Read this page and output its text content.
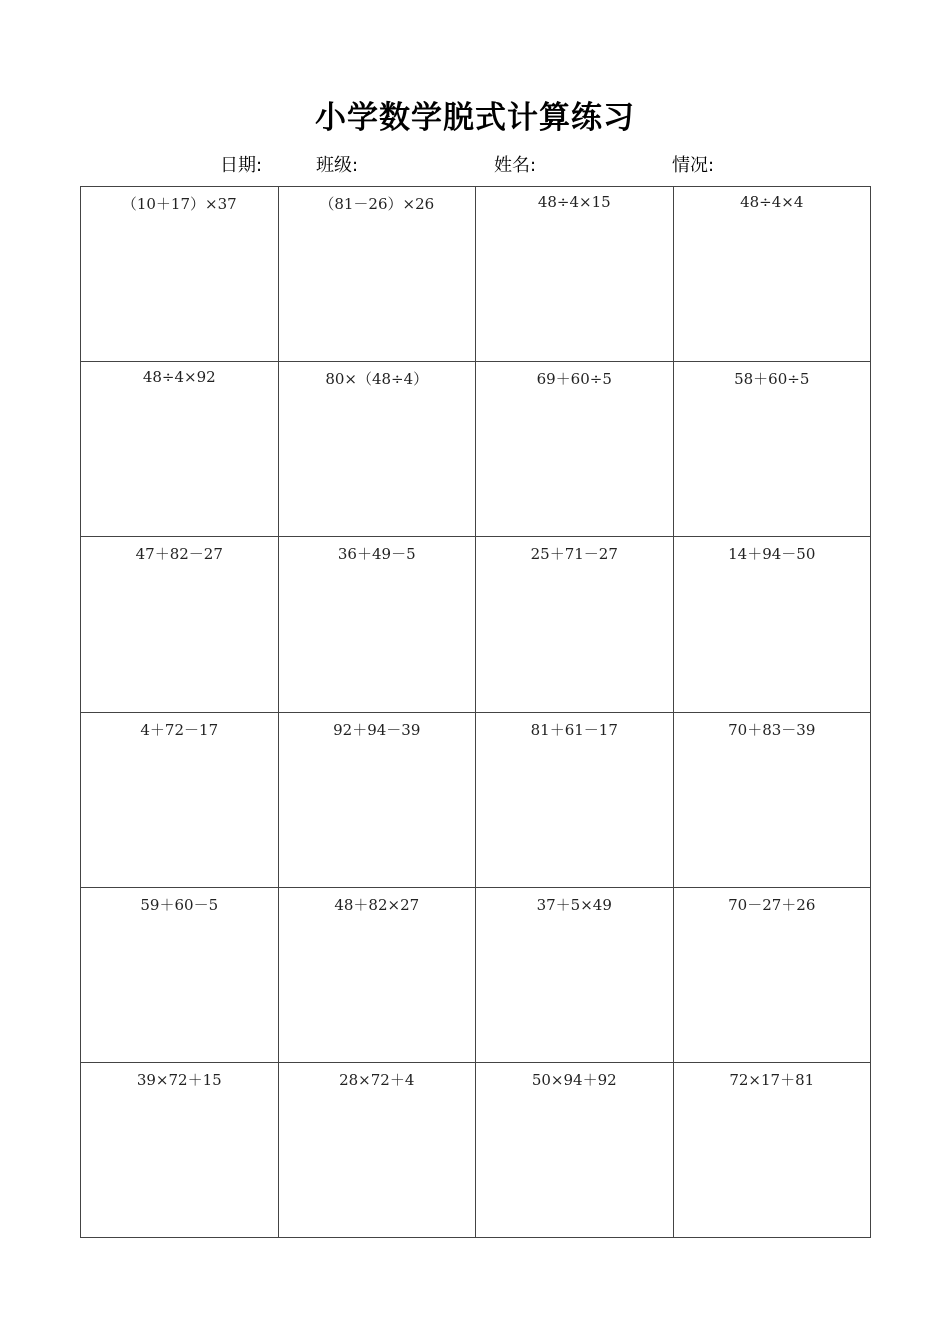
小学数学脱式计算练习
日期:	班级:	姓名:	情况:
（10＋17）×37	（81－26）×26	48÷4×15	48÷4×4
48÷4×92	80×（48÷4）	69＋60÷5	58＋60÷5
47＋82－27	36＋49－5	25＋71－27	14＋94－50
4＋72－17	92＋94－39	81＋61－17	70＋83－39
59＋60－5	48＋82×27	37＋5×49	70－27＋26
39×72＋15	28×72＋4	50×94＋92	72×17＋81
